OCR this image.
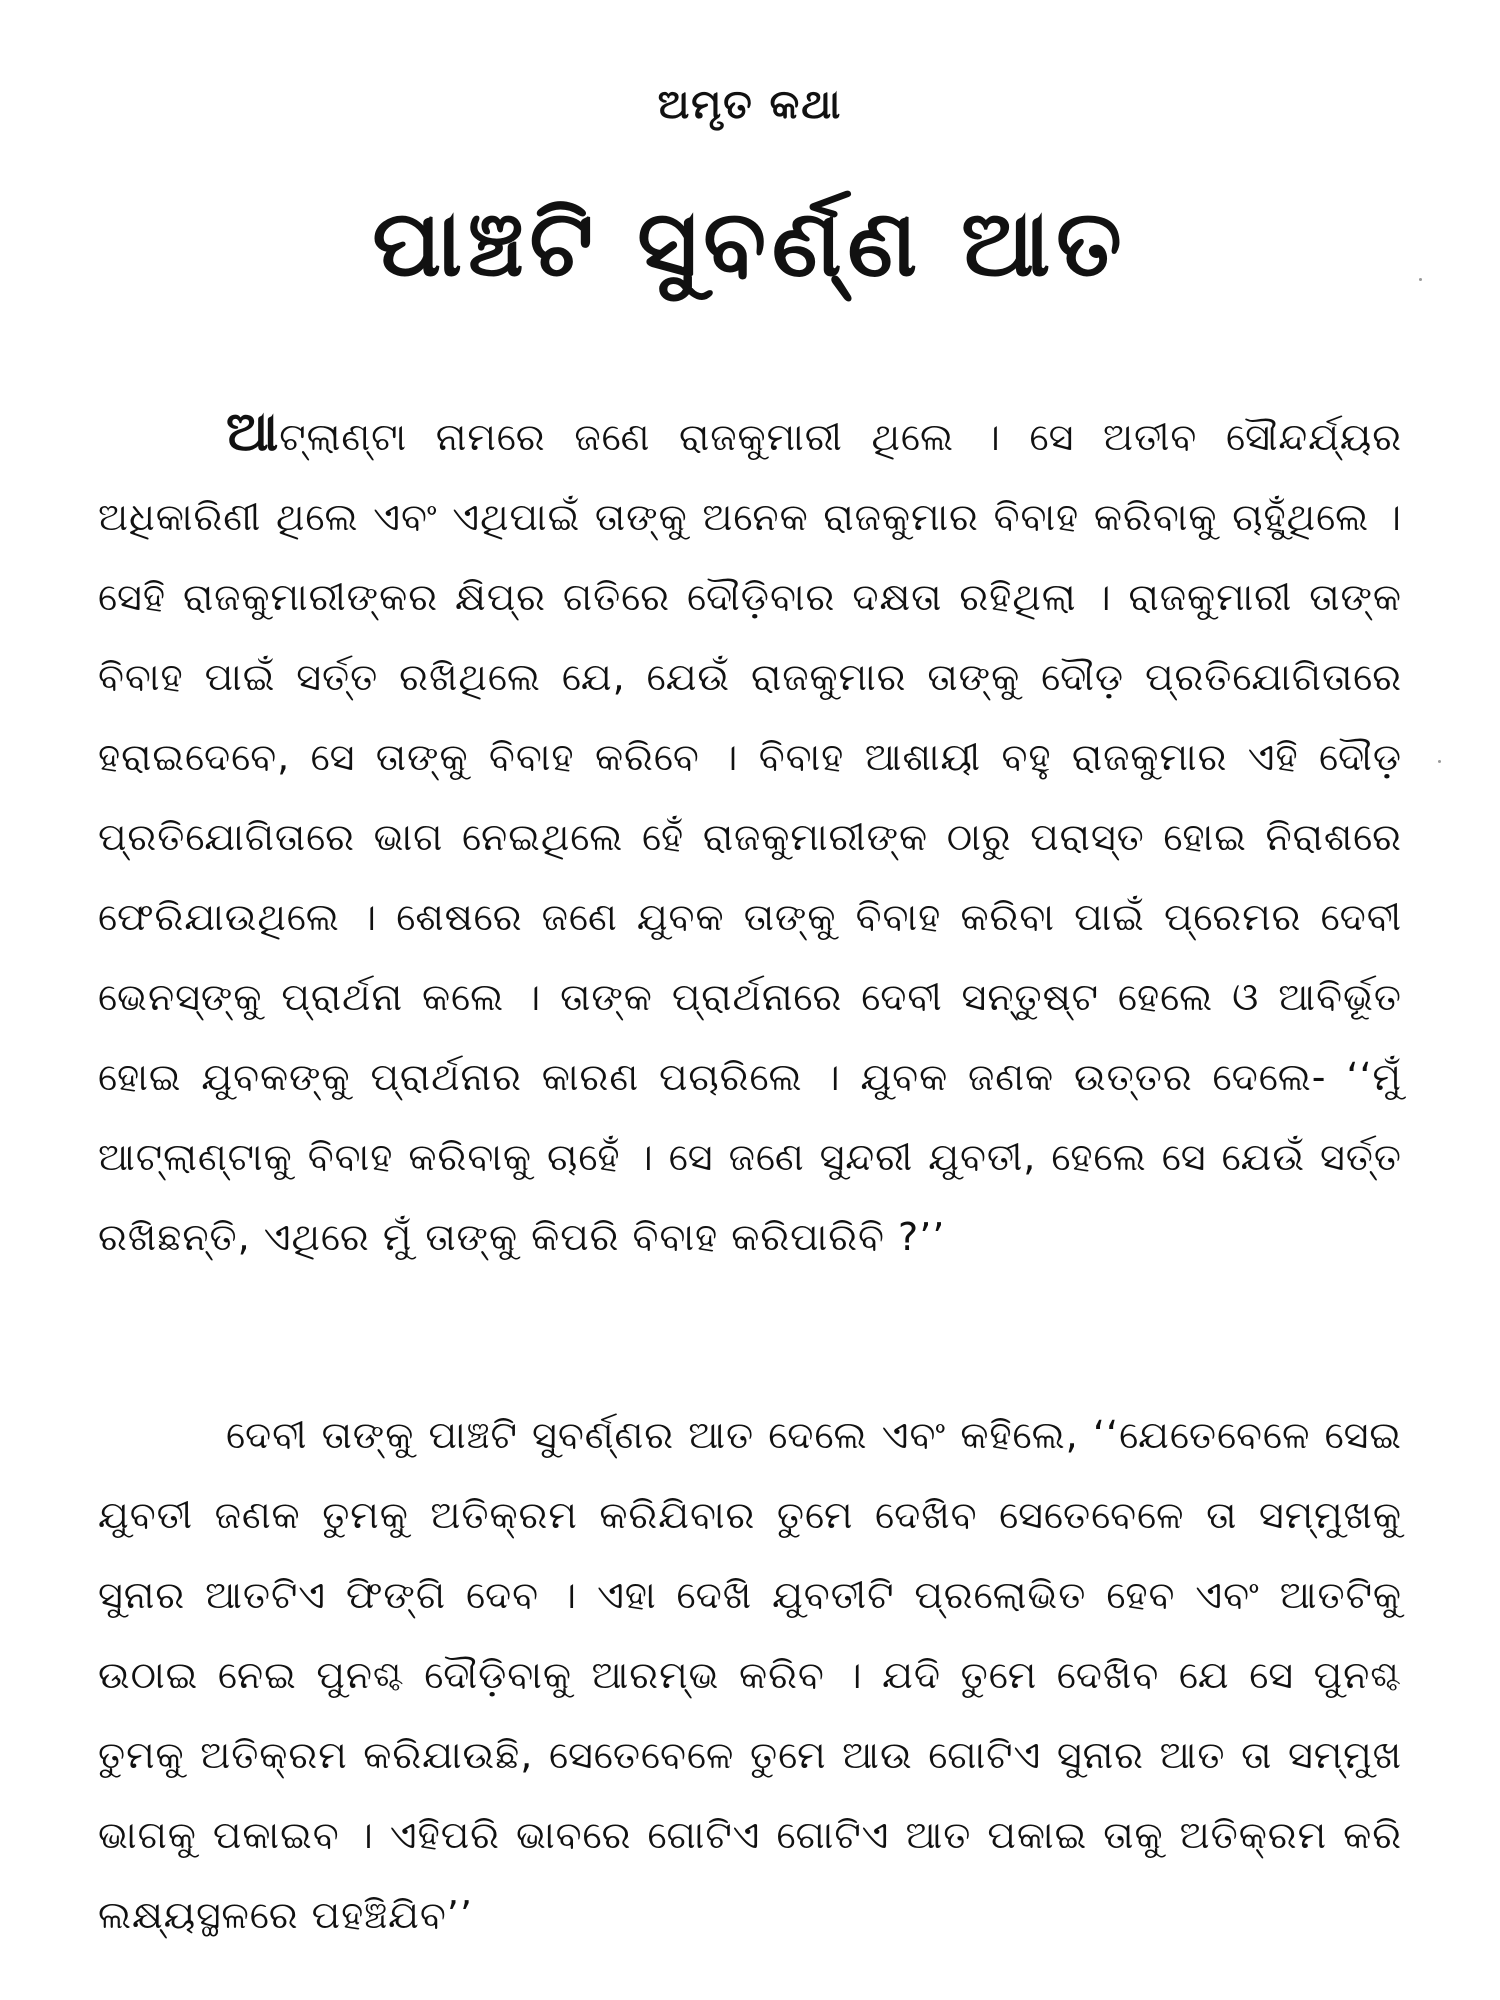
ଅମୃତ କଥା
ପାଞ୍ଚଟି ସୁବର୍ଣ୍ଣ ଆତ
ଆଟ୍‌ଲାଣ୍ଟା ନାମରେ ଜଣେ ରାଜକୁମାରୀ ଥିଲେ । ସେ ଅତୀବ ସୌନ୍ଦର୍ଯ୍ୟର ଅଧିକାରିଣୀ ଥିଲେ ଏବଂ ଏଥିପାଇଁ ତାଙ୍କୁ ଅନେକ ରାଜକୁମାର ବିବାହ କରିବାକୁ ଚାହୁଁଥିଲେ । ସେହି ରାଜକୁମାରୀଙ୍କର କ୍ଷିପ୍ର ଗତିରେ ଦୌଡ଼ିବାର ଦକ୍ଷତା ରହିଥିଲା । ରାଜକୁମାରୀ ତାଙ୍କ ବିବାହ ପାଇଁ ସର୍ତ୍ତ ରଖିଥିଲେ ଯେ, ଯେଉଁ ରାଜକୁମାର ତାଙ୍କୁ ଦୌଡ଼ ପ୍ରତିଯୋଗିତାରେ ହରାଇଦେବେ, ସେ ତାଙ୍କୁ ବିବାହ କରିବେ । ବିବାହ ଆଶାୟୀ ବହୁ ରାଜକୁମାର ଏହି ଦୌଡ଼ ପ୍ରତିଯୋଗିତାରେ ଭାଗ ନେଇଥିଲେ ହେଁ ରାଜକୁମାରୀଙ୍କ ଠାରୁ ପରାସ୍ତ ହୋଇ ନିରାଶରେ ଫେରିଯାଉଥିଲେ । ଶେଷରେ ଜଣେ ଯୁବକ ତାଙ୍କୁ ବିବାହ କରିବା ପାଇଁ ପ୍ରେମର ଦେବୀ ଭେନସ୍‌ଙ୍କୁ ପ୍ରାର୍ଥନା କଲେ । ତାଙ୍କ ପ୍ରାର୍ଥନାରେ ଦେବୀ ସନ୍ତୁଷ୍ଟ ହେଲେ ଓ ଆବିର୍ଭୂତ ହୋଇ ଯୁବକଙ୍କୁ ପ୍ରାର୍ଥନାର କାରଣ ପଚାରିଲେ । ଯୁବକ ଜଣକ ଉତ୍ତର ଦେଲେ- ‘‘ମୁଁ ଆଟ୍‌ଲାଣ୍ଟାକୁ ବିବାହ କରିବାକୁ ଚାହେଁ । ସେ ଜଣେ ସୁନ୍ଦରୀ ଯୁବତୀ, ହେଲେ ସେ ଯେଉଁ ସର୍ତ୍ତ ରଖିଛନ୍ତି, ଏଥିରେ ମୁଁ ତାଙ୍କୁ କିପରି ବିବାହ କରିପାରିବି ?’’
ଦେବୀ ତାଙ୍କୁ ପାଞ୍ଚଟି ସୁବର୍ଣ୍ଣର ଆତ ଦେଲେ ଏବଂ କହିଲେ, ‘‘ଯେତେବେଳେ ସେଇ ଯୁବତୀ ଜଣକ ତୁମକୁ ଅତିକ୍ରମ କରିଯିବାର ତୁମେ ଦେଖିବ ସେତେବେଳେ ତା ସମ୍ମୁଖକୁ ସୁନାର ଆତଟିଏ ଫିଙ୍ଗି ଦେବ । ଏହା ଦେଖି ଯୁବତୀଟି ପ୍ରଲୋଭିତ ହେବ ଏବଂ ଆତଟିକୁ ଉଠାଇ ନେଇ ପୁନଶ୍ଚ ଦୌଡ଼ିବାକୁ ଆରମ୍ଭ କରିବ । ଯଦି ତୁମେ ଦେଖିବ ଯେ ସେ ପୁନଶ୍ଚ ତୁମକୁ ଅତିକ୍ରମ କରିଯାଉଛି, ସେତେବେଳେ ତୁମେ ଆଉ ଗୋଟିଏ ସୁନାର ଆତ ତା ସମ୍ମୁଖ ଭାଗକୁ ପକାଇବ । ଏହିପରି ଭାବରେ ଗୋଟିଏ ଗୋଟିଏ ଆତ ପକାଇ ତାକୁ ଅତିକ୍ରମ କରି ଲକ୍ଷ୍ୟସ୍ଥଳରେ ପହଞ୍ଚିଯିବ’’
